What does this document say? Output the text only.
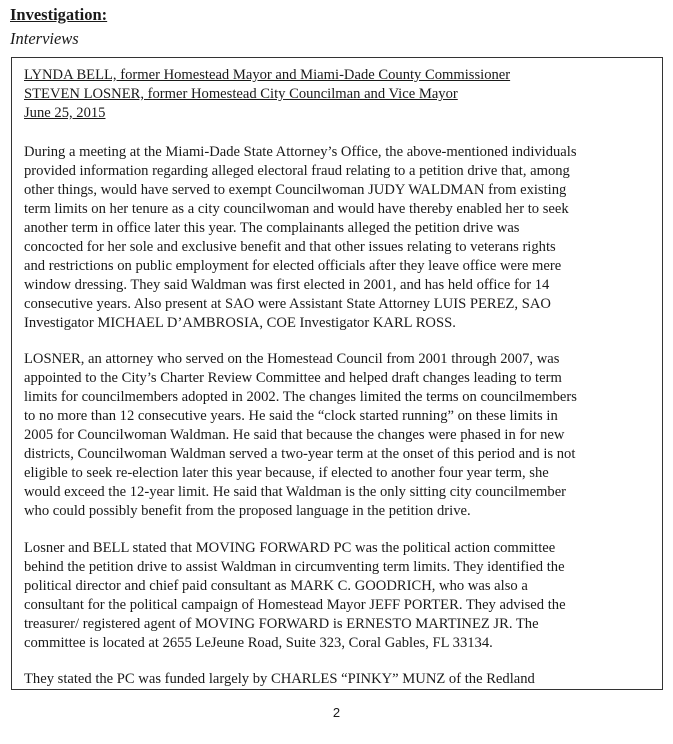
Investigation:
Interviews
LYNDA BELL, former Homestead Mayor and Miami-Dade County Commissioner
STEVEN LOSNER, former Homestead City Councilman and Vice Mayor
June 25, 2015
During a meeting at the Miami-Dade State Attorney’s Office, the above-mentioned individuals
provided information regarding alleged electoral fraud relating to a petition drive that, among
other things, would have served to exempt Councilwoman JUDY WALDMAN from existing
term limits on her tenure as a city councilwoman and would have thereby enabled her to seek
another term in office later this year. The complainants alleged the petition drive was
concocted for her sole and exclusive benefit and that other issues relating to veterans rights
and restrictions on public employment for elected officials after they leave office were mere
window dressing. They said Waldman was first elected in 2001, and has held office for 14
consecutive years. Also present at SAO were Assistant State Attorney LUIS PEREZ, SAO
Investigator MICHAEL D’AMBROSIA, COE Investigator KARL ROSS.
LOSNER, an attorney who served on the Homestead Council from 2001 through 2007, was
appointed to the City’s Charter Review Committee and helped draft changes leading to term
limits for councilmembers adopted in 2002. The changes limited the terms on councilmembers
to no more than 12 consecutive years. He said the “clock started running” on these limits in
2005 for Councilwoman Waldman. He said that because the changes were phased in for new
districts, Councilwoman Waldman served a two-year term at the onset of this period and is not
eligible to seek re-election later this year because, if elected to another four year term, she
would exceed the 12-year limit. He said that Waldman is the only sitting city councilmember
who could possibly benefit from the proposed language in the petition drive.
Losner and BELL stated that MOVING FORWARD PC was the political action committee
behind the petition drive to assist Waldman in circumventing term limits. They identified the
political director and chief paid consultant as MARK C. GOODRICH, who was also a
consultant for the political campaign of Homestead Mayor JEFF PORTER. They advised the
treasurer/ registered agent of MOVING FORWARD is ERNESTO MARTINEZ JR. The
committee is located at 2655 LeJeune Road, Suite 323, Coral Gables, FL 33134.
They stated the PC was funded largely by CHARLES “PINKY” MUNZ of the Redland
2
